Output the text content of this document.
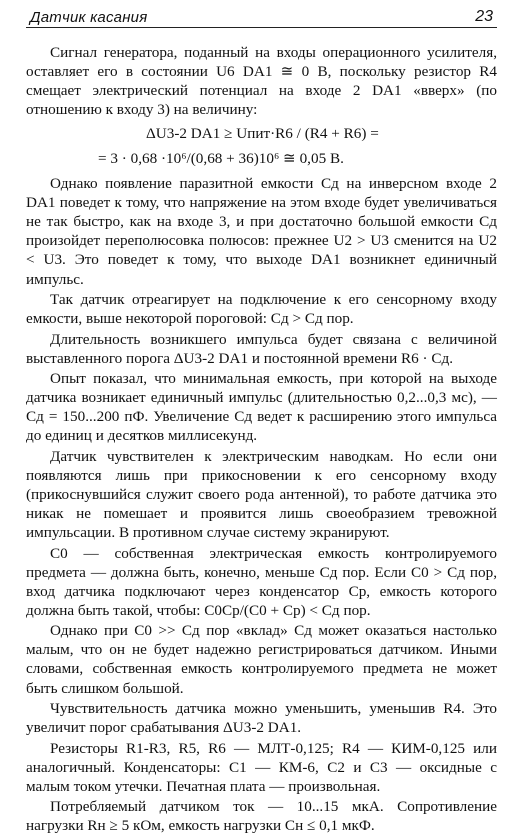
Датчик касания	23

Сигнал генератора, поданный на входы операционного усилителя, оставляет его в состоянии U6 DA1 ≅ 0 В, поскольку резистор R4 смещает электрический потенциал на входе 2 DA1 «вверх» (по отношению к входу 3) на величину:

ΔU3-2 DA1 ≥ Uпит·R6 / (R4 + R6) =

= 3 · 0,68 ·10⁶/(0,68 + 36)10⁶ ≅ 0,05 В.

Однако появление паразитной емкости Cд на инверсном входе 2 DA1 поведет к тому, что напряжение на этом входе будет увеличиваться не так быстро, как на входе 3, и при достаточно большой емкости Cд произойдет переполюсовка полюсов: прежнее U2 > U3 сменится на U2 < U3. Это поведет к тому, что выходе DA1 возникнет единичный импульс.

Так датчик отреагирует на подключение к его сенсорному входу емкости, выше некоторой пороговой: Cд > Cд пор.

Длительность возникшего импульса будет связана с величиной выставленного порога ΔU3-2 DA1 и постоянной времени R6 · Cд.

Опыт показал, что минимальная емкость, при которой на выходе датчика возникает единичный импульс (длительностью 0,2...0,3 мс), — Cд = 150...200 пФ. Увеличение Cд ведет к расширению этого импульса до единиц и десятков миллисекунд.

Датчик чувствителен к электрическим наводкам. Но если они появляются лишь при прикосновении к его сенсорному входу (прикоснувшийся служит своего рода антенной), то работе датчика это никак не помешает и проявится лишь своеобразием тревожной импульсации. В противном случае систему экранируют.

C0 — собственная электрическая емкость контролируемого предмета — должна быть, конечно, меньше Cд пор. Если C0 > Cд пор, вход датчика подключают через конденсатор Cр, емкость которого должна быть такой, чтобы: C0Cр/(C0 + Cр) < Cд пор.

Однако при C0 >> Cд пор «вклад» Cд может оказаться настолько малым, что он не будет надежно регистрироваться датчиком. Иными словами, собственная емкость контролируемого предмета не может быть слишком большой.

Чувствительность датчика можно уменьшить, уменьшив R4. Это увеличит порог срабатывания ΔU3-2 DA1.

Резисторы R1-R3, R5, R6 — МЛТ-0,125; R4 — КИМ-0,125 или аналогичный. Конденсаторы: C1 — КМ-6, C2 и C3 — оксидные с малым током утечки. Печатная плата — произвольная.

Потребляемый датчиком ток — 10...15 мкА. Сопротивление нагрузки Rн ≥ 5 кОм, емкость нагрузки Cн ≤ 0,1 мкФ.
